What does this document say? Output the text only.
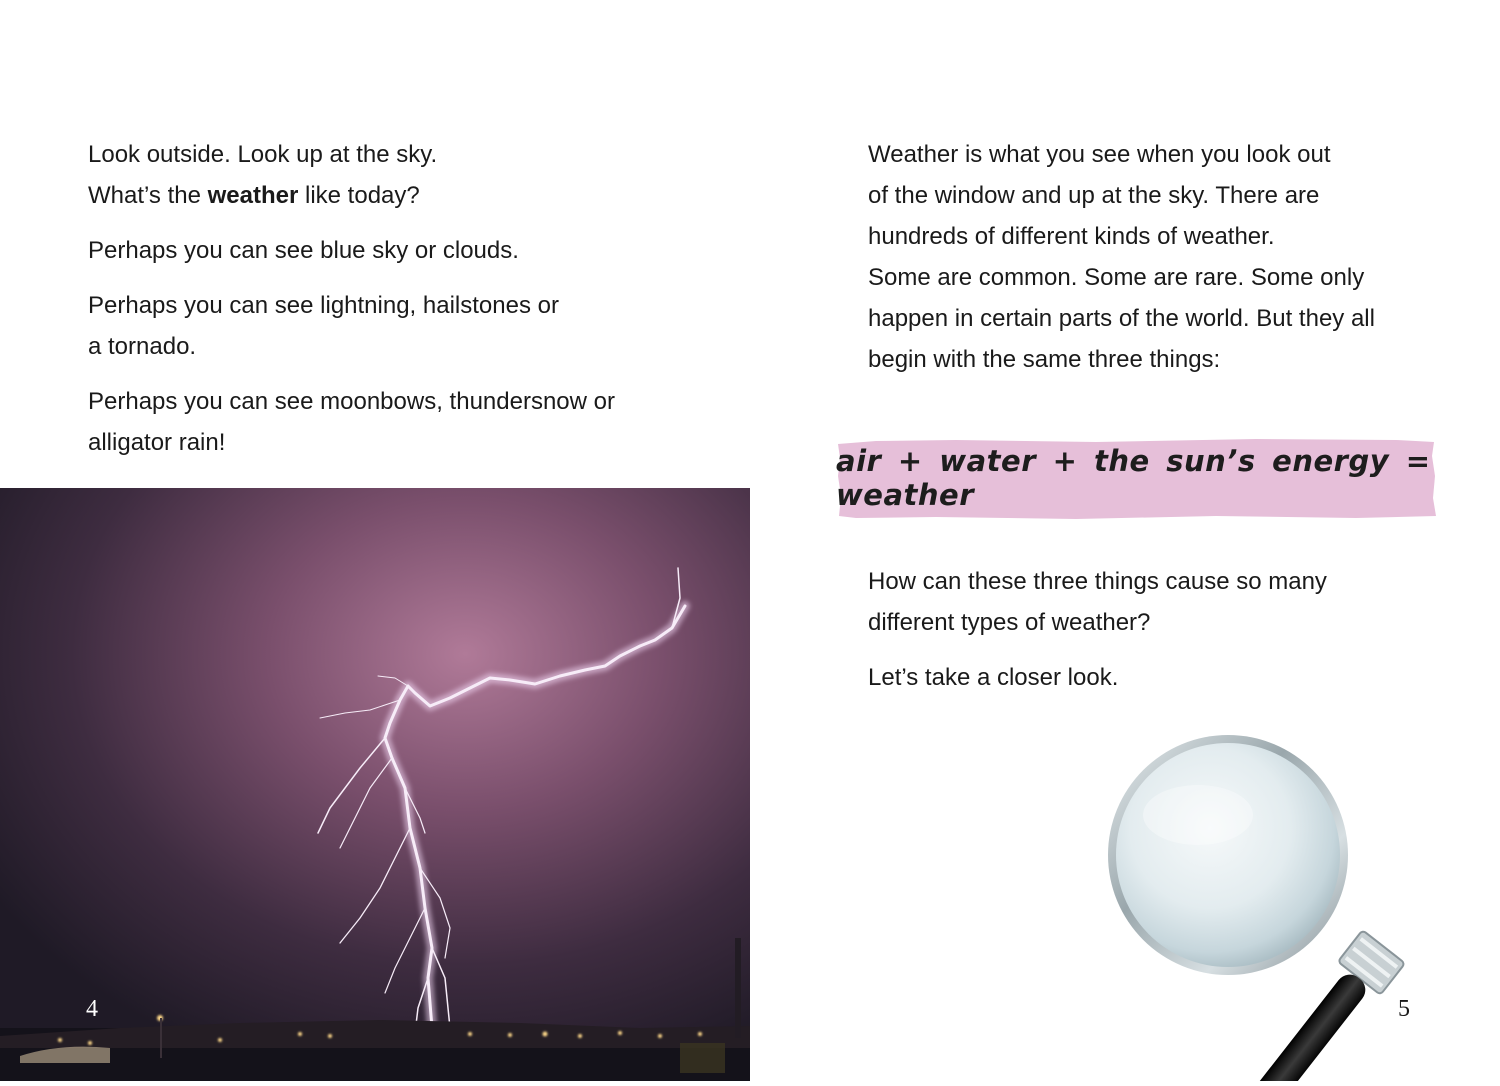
Look outside. Look up at the sky.
What’s the weather like today?

Perhaps you can see blue sky or clouds.

Perhaps you can see lightning, hailstones or
a tornado.

Perhaps you can see moonbows, thundersnow or
alligator rain!

4

Weather is what you see when you look out
of the window and up at the sky. There are
hundreds of different kinds of weather.
Some are common. Some are rare. Some only
happen in certain parts of the world. But they all
begin with the same three things:

air + water + the sun’s energy = weather

How can these three things cause so many
different types of weather?

Let’s take a closer look.

5
